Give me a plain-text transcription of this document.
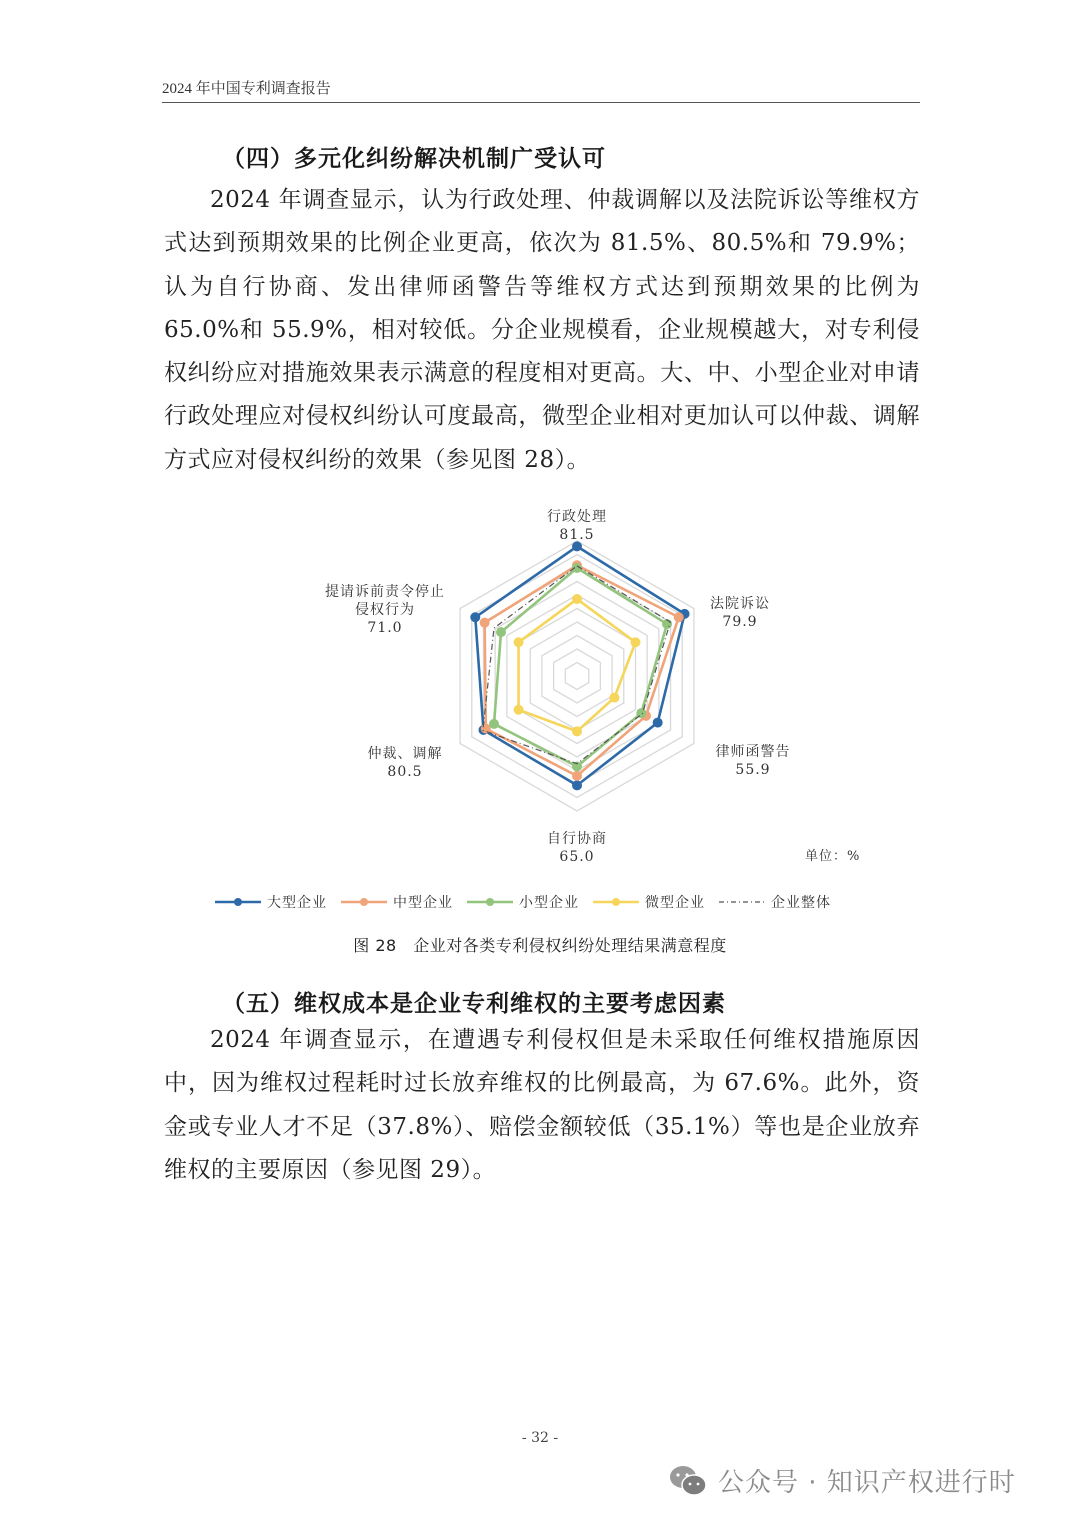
2024 年中国专利调查报告
（四）多元化纠纷解决机制广受认可
2024 年调查显示，认为行政处理、仲裁调解以及法院诉讼等维权方式达到预期效果的比例企业更高，依次为 81.5%、80.5%和 79.9%；认为自行协商、发出律师函警告等维权方式达到预期效果的比例为 65.0%和 55.9%，相对较低。分企业规模看，企业规模越大，对专利侵权纠纷应对措施效果表示满意的程度相对更高。大、中、小型企业对申请行政处理应对侵权纠纷认可度最高，微型企业相对更加认可以仲裁、调解方式应对侵权纠纷的效果（参见图 28）。
行政处理
81.5
法院诉讼
79.9
律师函警告
55.9
自行协商
65.0
仲裁、调解
80.5
提请诉前责令停止
侵权行为
71.0
单位：%
大型企业	中型企业	小型企业	微型企业	企业整体
图 28　企业对各类专利侵权纠纷处理结果满意程度
（五）维权成本是企业专利维权的主要考虑因素
2024 年调查显示，在遭遇专利侵权但是未采取任何维权措施原因中，因为维权过程耗时过长放弃维权的比例最高，为 67.6%。此外，资金或专业人才不足（37.8%）、赔偿金额较低（35.1%）等也是企业放弃维权的主要原因（参见图 29）。
- 32 -
公众号 · 知识产权进行时
